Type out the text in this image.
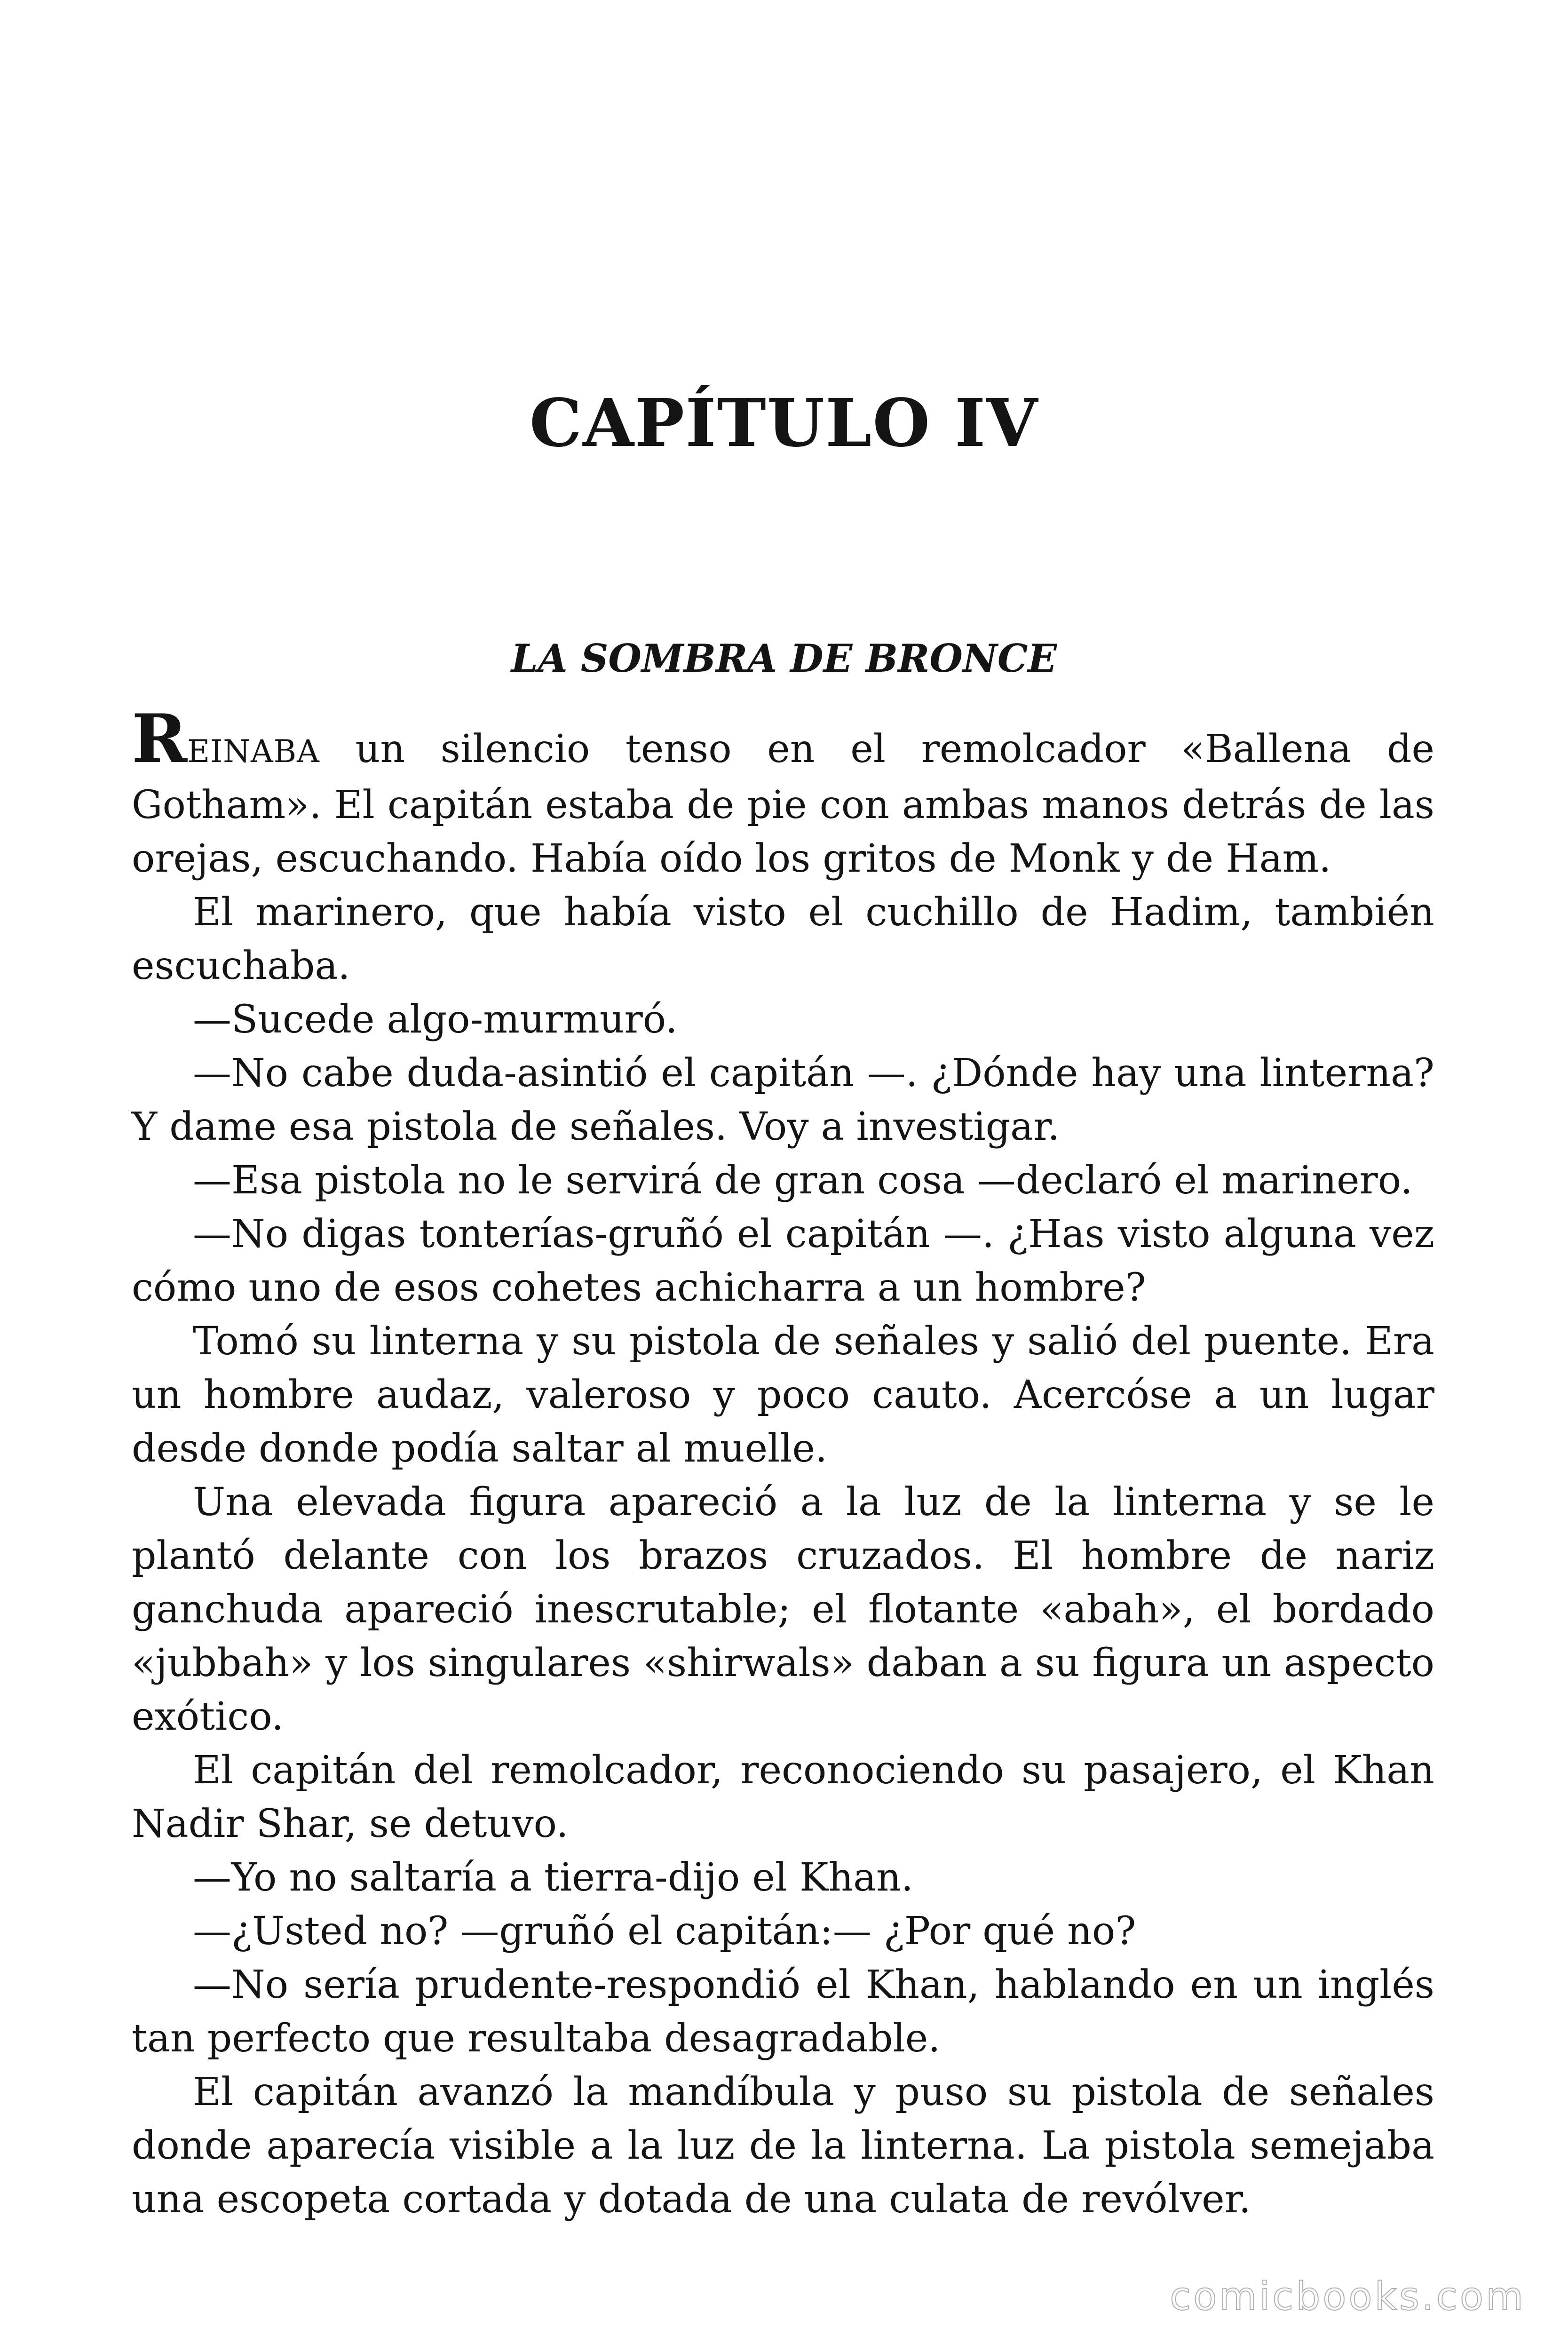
CAPÍTULO IV
LA SOMBRA DE BRONCE

REINABA un silencio tenso en el remolcador «Ballena de Gotham». El capitán estaba de pie con ambas manos detrás de las orejas, escuchando. Había oído los gritos de Monk y de Ham.

El marinero, que había visto el cuchillo de Hadim, también escuchaba.

—Sucede algo-murmuró.

—No cabe duda-asintió el capitán —. ¿Dónde hay una linterna? Y dame esa pistola de señales. Voy a investigar.

—Esa pistola no le servirá de gran cosa —declaró el marinero.

—No digas tonterías-gruñó el capitán —. ¿Has visto alguna vez cómo uno de esos cohetes achicharra a un hombre?

Tomó su linterna y su pistola de señales y salió del puente. Era un hombre audaz, valeroso y poco cauto. Acercóse a un lugar desde donde podía saltar al muelle.

Una elevada figura apareció a la luz de la linterna y se le plantó delante con los brazos cruzados. El hombre de nariz ganchuda apareció inescrutable; el flotante «abah», el bordado «jubbah» y los singulares «shirwals» daban a su figura un aspecto exótico.

El capitán del remolcador, reconociendo su pasajero, el Khan Nadir Shar, se detuvo.

—Yo no saltaría a tierra-dijo el Khan.

—¿Usted no? —gruñó el capitán:— ¿Por qué no?

—No sería prudente-respondió el Khan, hablando en un inglés tan perfecto que resultaba desagradable.

El capitán avanzó la mandíbula y puso su pistola de señales donde aparecía visible a la luz de la linterna. La pistola semejaba una escopeta cortada y dotada de una culata de revólver.

comicbooks.com
